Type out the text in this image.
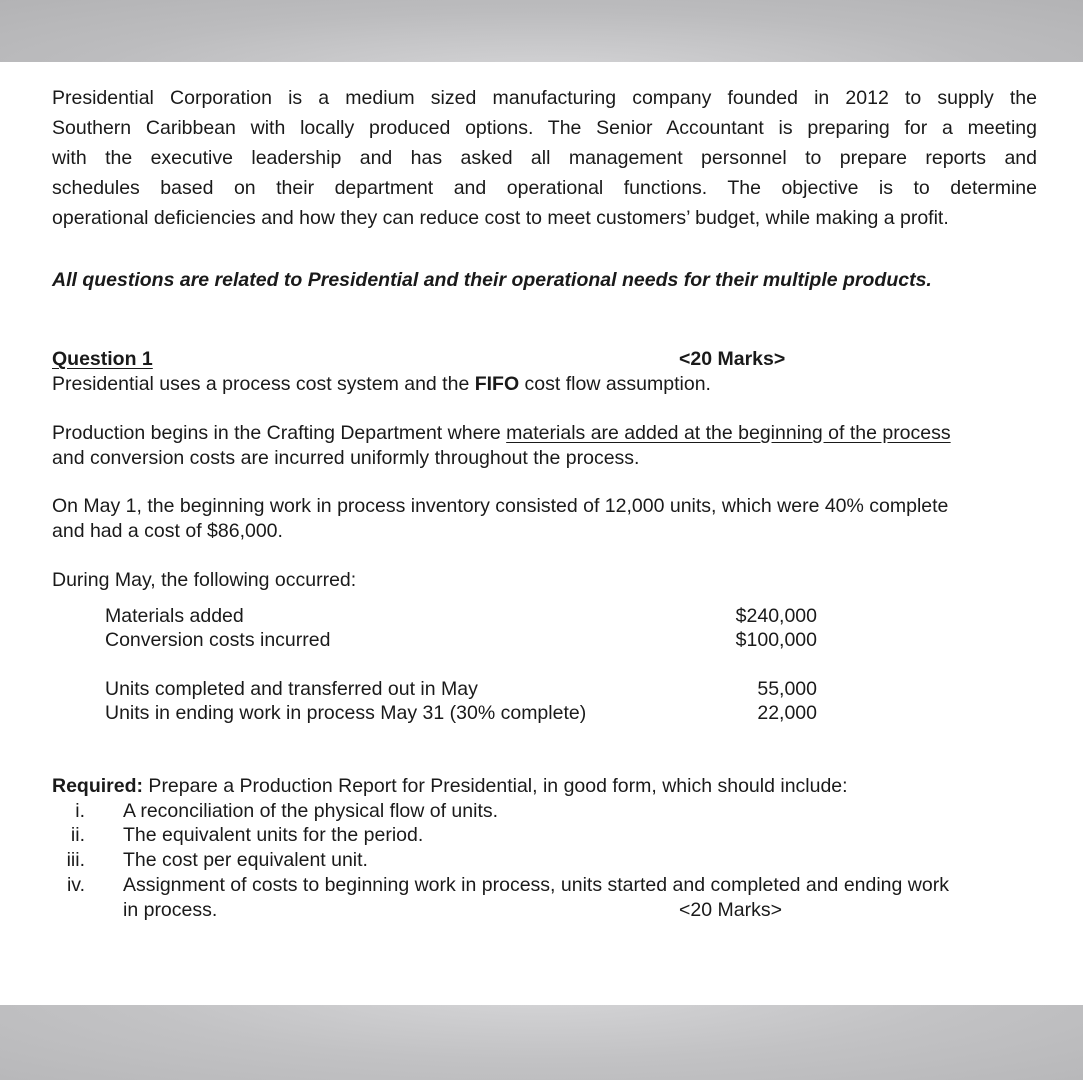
Presidential Corporation is a medium sized manufacturing company founded in 2012 to supply the
Southern Caribbean with locally produced options. The Senior Accountant is preparing for a meeting
with the executive leadership and has asked all management personnel to prepare reports and
schedules based on their department and operational functions. The objective is to determine
operational deficiencies and how they can reduce cost to meet customers’ budget, while making a profit.
All questions are related to Presidential and their operational needs for their multiple products.
Question 1	<20 Marks>
Presidential uses a process cost system and the FIFO cost flow assumption.
Production begins in the Crafting Department where materials are added at the beginning of the process
and conversion costs are incurred uniformly throughout the process.
On May 1, the beginning work in process inventory consisted of 12,000 units, which were 40% complete
and had a cost of $86,000.
During May, the following occurred:
Materials added	$240,000
Conversion costs incurred	$100,000
Units completed and transferred out in May	55,000
Units in ending work in process May 31 (30% complete)	22,000
Required: Prepare a Production Report for Presidential, in good form, which should include:
i. A reconciliation of the physical flow of units.
ii. The equivalent units for the period.
iii. The cost per equivalent unit.
iv. Assignment of costs to beginning work in process, units started and completed and ending work
in process.	<20 Marks>
